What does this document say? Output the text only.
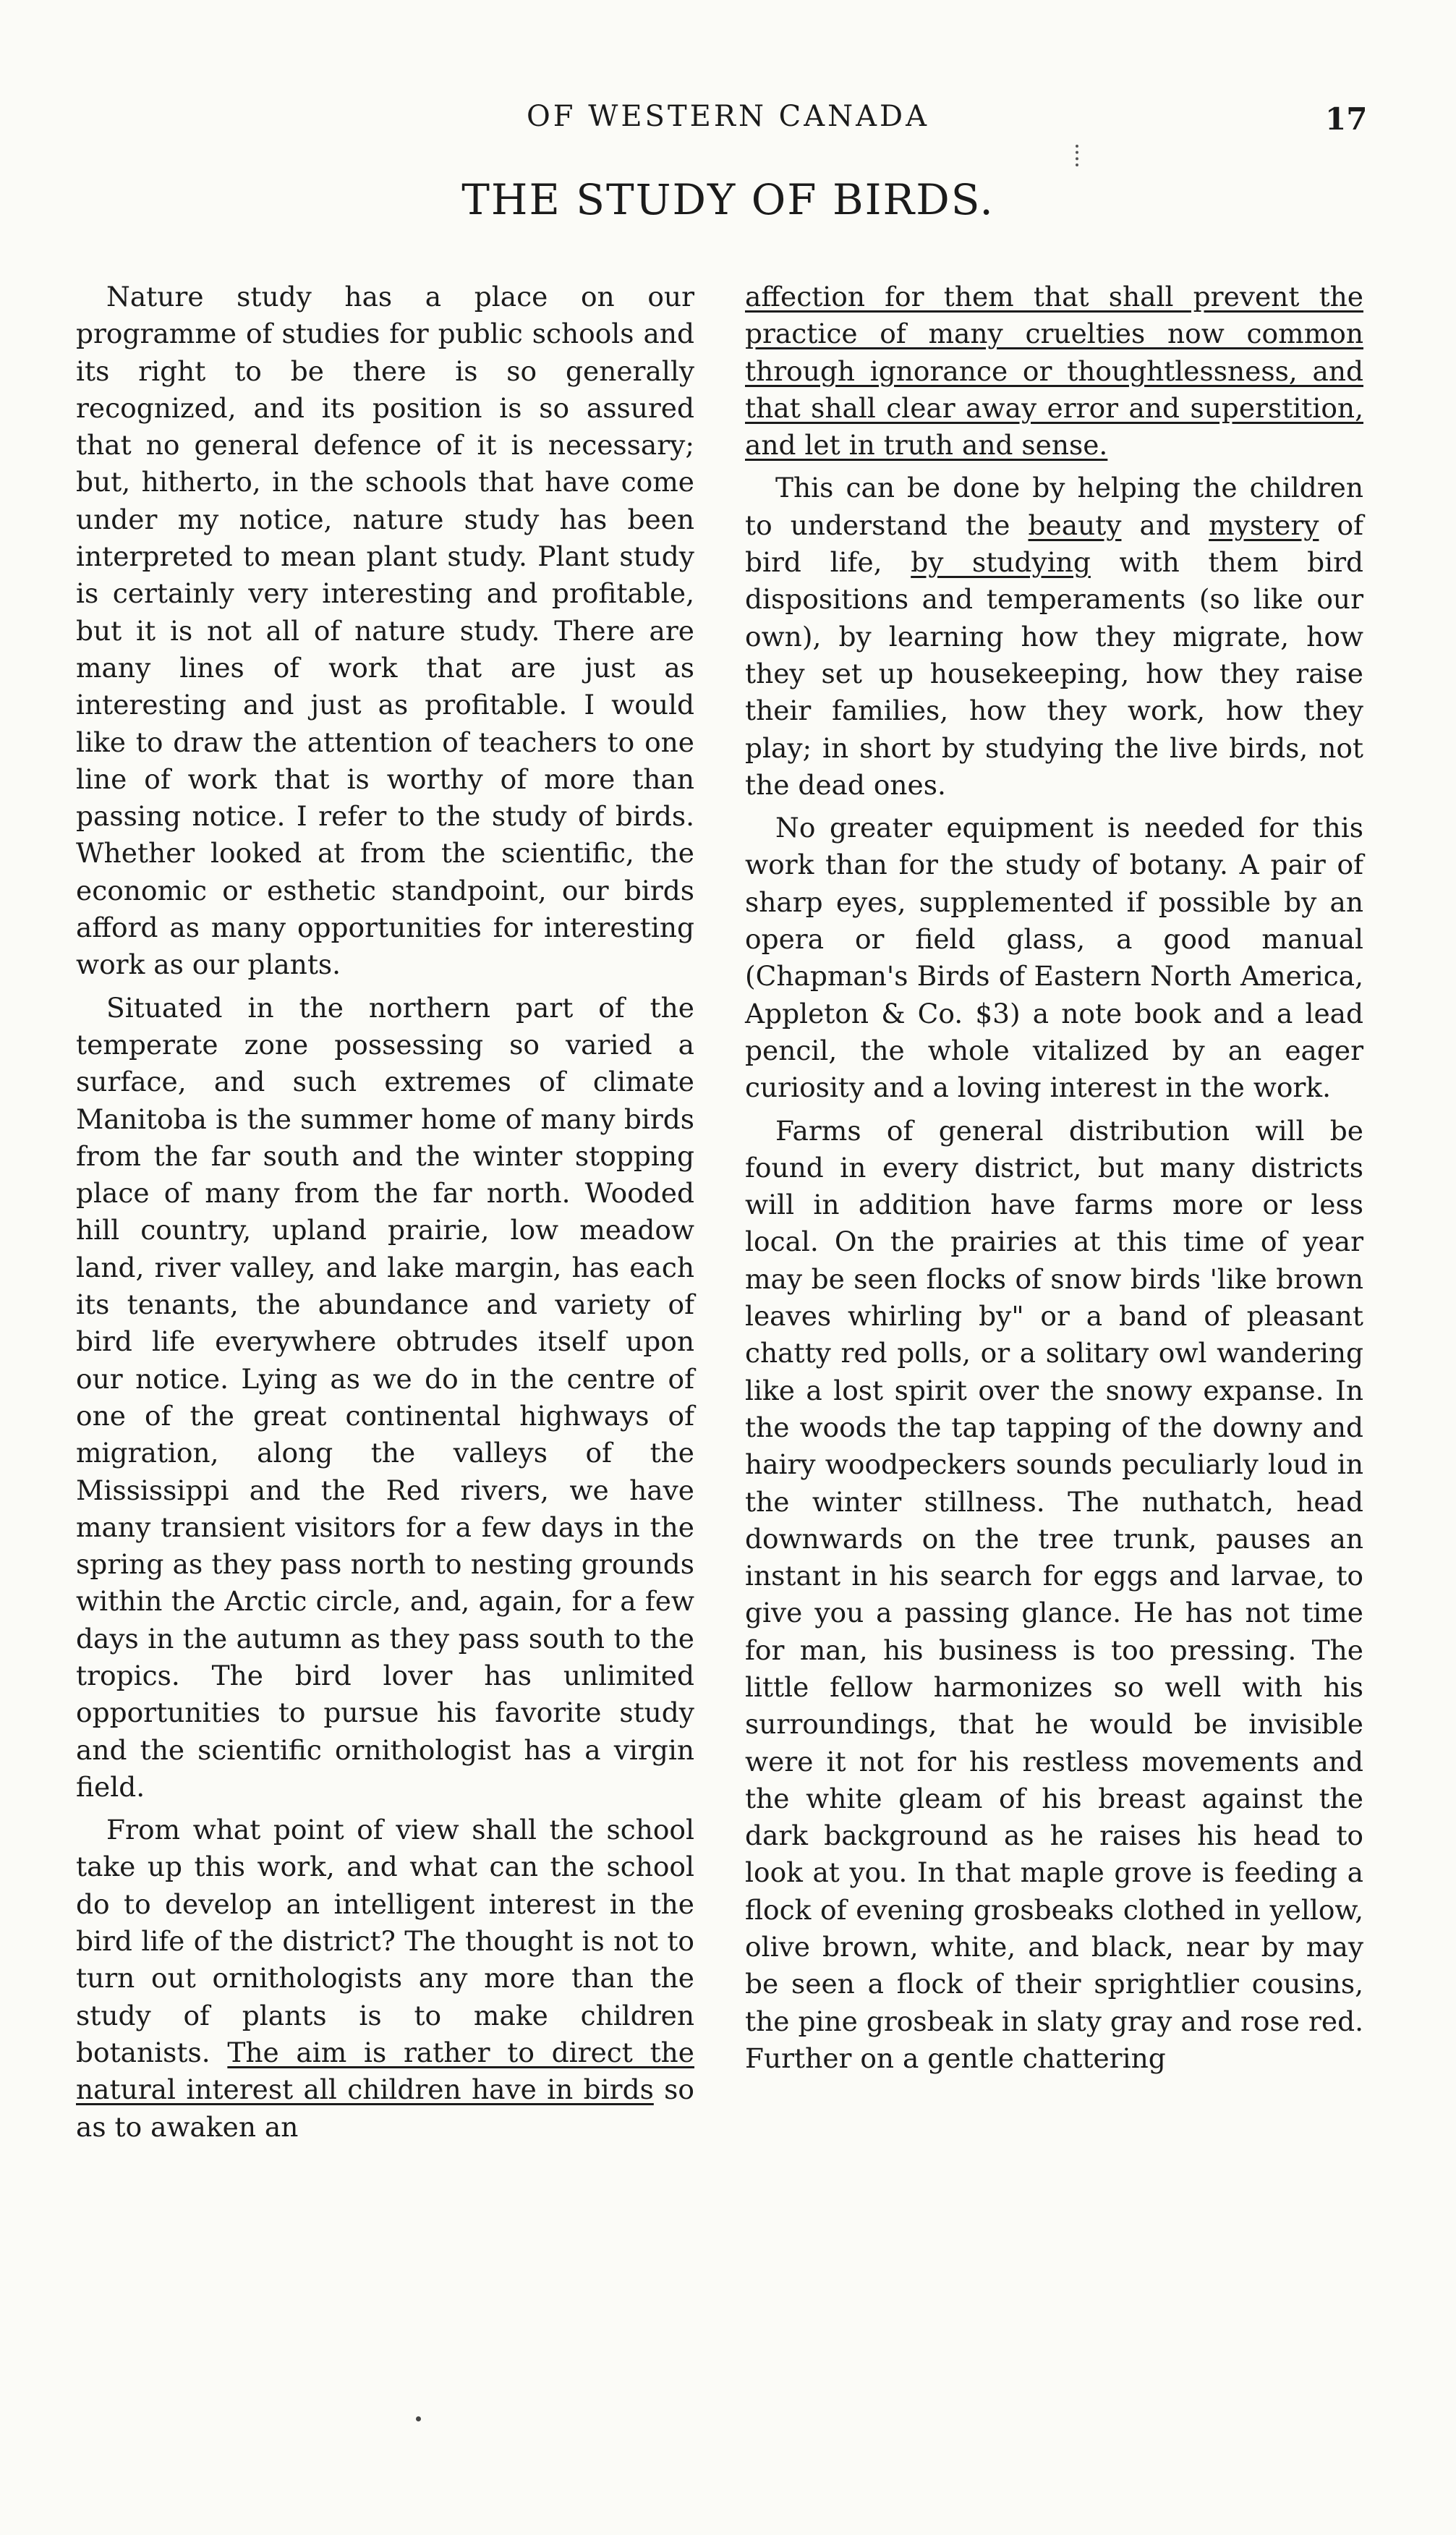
OF WESTERN CANADA	17
THE STUDY OF BIRDS.

Nature study has a place on our programme of studies for public schools and its right to be there is so generally recognized, and its position is so assured that no general defence of it is necessary; but, hitherto, in the schools that have come under my notice, nature study has been interpreted to mean plant study. Plant study is certainly very interesting and profitable, but it is not all of nature study. There are many lines of work that are just as interesting and just as profitable. I would like to draw the attention of teachers to one line of work that is worthy of more than passing notice. I refer to the study of birds. Whether looked at from the scientific, the economic or esthetic standpoint, our birds afford as many opportunities for interesting work as our plants.

Situated in the northern part of the temperate zone possessing so varied a surface, and such extremes of climate Manitoba is the summer home of many birds from the far south and the winter stopping place of many from the far north. Wooded hill country, upland prairie, low meadow land, river valley, and lake margin, has each its tenants, the abundance and variety of bird life everywhere obtrudes itself upon our notice. Lying as we do in the centre of one of the great continental highways of migration, along the valleys of the Mississippi and the Red rivers, we have many transient visitors for a few days in the spring as they pass north to nesting grounds within the Arctic circle, and, again, for a few days in the autumn as they pass south to the tropics. The bird lover has unlimited opportunities to pursue his favorite study and the scientific ornithologist has a virgin field.

From what point of view shall the school take up this work, and what can the school do to develop an intelligent interest in the bird life of the district? The thought is not to turn out ornithologists any more than the study of plants is to make children botanists. The aim is rather to direct the natural interest all children have in birds so as to awaken an

affection for them that shall prevent the practice of many cruelties now common through ignorance or thoughtlessness, and that shall clear away error and superstition, and let in truth and sense.

This can be done by helping the children to understand the beauty and mystery of bird life, by studying with them bird dispositions and temperaments (so like our own), by learning how they migrate, how they set up housekeeping, how they raise their families, how they work, how they play; in short by studying the live birds, not the dead ones.

No greater equipment is needed for this work than for the study of botany. A pair of sharp eyes, supplemented if possible by an opera or field glass, a good manual (Chapman's Birds of Eastern North America, Appleton & Co. $3) a note book and a lead pencil, the whole vitalized by an eager curiosity and a loving interest in the work.

Farms of general distribution will be found in every district, but many districts will in addition have farms more or less local. On the prairies at this time of year may be seen flocks of snow birds 'like brown leaves whirling by" or a band of pleasant chatty red polls, or a solitary owl wandering like a lost spirit over the snowy expanse. In the woods the tap tapping of the downy and hairy woodpeckers sounds peculiarly loud in the winter stillness. The nuthatch, head downwards on the tree trunk, pauses an instant in his search for eggs and larvae, to give you a passing glance. He has not time for man, his business is too pressing. The little fellow harmonizes so well with his surroundings, that he would be invisible were it not for his restless movements and the white gleam of his breast against the dark background as he raises his head to look at you. In that maple grove is feeding a flock of evening grosbeaks clothed in yellow, olive brown, white, and black, near by may be seen a flock of their sprightlier cousins, the pine grosbeak in slaty gray and rose red. Further on a gentle chattering
